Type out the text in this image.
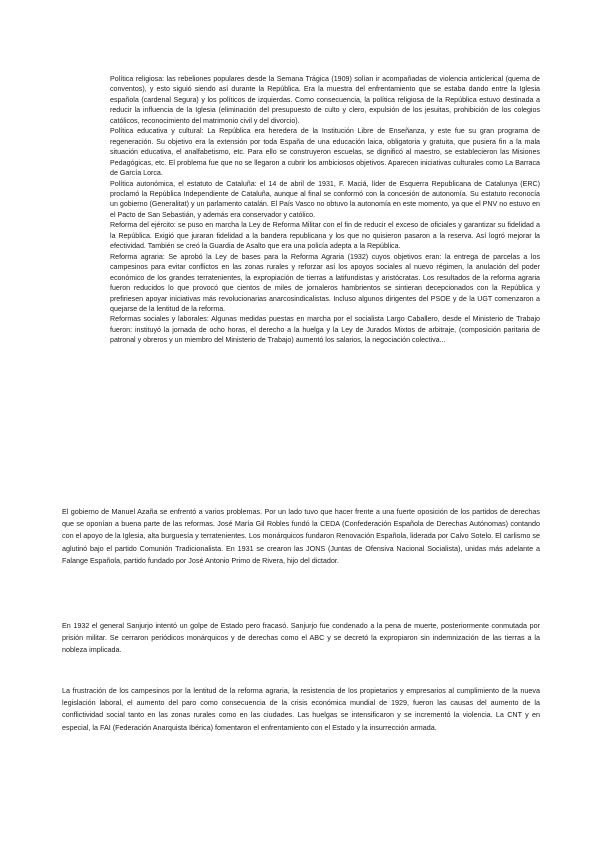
Política religiosa: las rebeliones populares desde la Semana Trágica (1909) solían ir acompañadas de violencia anticlerical (quema de conventos), y esto siguió siendo así durante la República. Era la muestra del enfrentamiento que se estaba dando entre la Iglesia española (cardenal Segura) y los políticos de izquierdas. Como consecuencia, la política religiosa de la República estuvo destinada a reducir la influencia de la Iglesia (eliminación del presupuesto de culto y clero, expulsión de los jesuitas, prohibición de los colegios católicos, reconocimiento del matrimonio civil y del divorcio).

Política educativa y cultural: La República era heredera de la Institución Libre de Enseñanza, y este fue su gran programa de regeneración. Su objetivo era la extensión por toda España de una educación laica, obligatoria y gratuita, que pusiera fin a la mala situación educativa, el analfabetismo, etc. Para ello se construyeron escuelas, se dignificó al maestro, se establecieron las Misiones Pedagógicas, etc. El problema fue que no se llegaron a cubrir los ambiciosos objetivos. Aparecen iniciativas culturales como La Barraca de García Lorca.

Política autonómica, el estatuto de Cataluña: el 14 de abril de 1931, F. Maciá, líder de Esquerra Republicana de Catalunya (ERC) proclamó la República Independiente de Cataluña, aunque al final se conformó con la concesión de autonomía. Su estatuto reconocía un gobierno (Generalitat) y un parlamento catalán. El País Vasco no obtuvo la autonomía en este momento, ya que el PNV no estuvo en el Pacto de San Sebastián, y además era conservador y católico.

Reforma del ejército: se puso en marcha la Ley de Reforma Militar con el fin de reducir el exceso de oficiales y garantizar su fidelidad a la República. Exigió que juraran fidelidad a la bandera republicana y los que no quisieron pasaron a la reserva. Así logró mejorar la efectividad. También se creó la Guardia de Asalto que era una policía adepta a la República.

Reforma agraria: Se aprobó la Ley de bases para la Reforma Agraria (1932) cuyos objetivos eran: la entrega de parcelas a los campesinos para evitar conflictos en las zonas rurales y reforzar así los apoyos sociales al nuevo régimen, la anulación del poder económico de los grandes terratenientes, la expropiación de tierras a latifundistas y aristócratas. Los resultados de la reforma agraria fueron reducidos lo que provocó que cientos de miles de jornaleros hambrientos se sintieran decepcionados con la República y prefiriesen apoyar iniciativas más revolucionarias anarcosindicalistas. Incluso algunos dirigentes del PSOE y de la UGT comenzaron a quejarse de la lentitud de la reforma.

Reformas sociales y laborales: Algunas medidas puestas en marcha por el socialista Largo Caballero, desde el Ministerio de Trabajo fueron: instituyó la jornada de ocho horas, el derecho a la huelga y la Ley de Jurados Mixtos de arbitraje, (composición paritaria de patronal y obreros y un miembro del Ministerio de Trabajo) aumentó los salarios, la negociación colectiva...

El gobierno de Manuel Azaña se enfrentó a varios problemas. Por un lado tuvo que hacer frente a una fuerte oposición de los partidos de derechas que se oponían a buena parte de las reformas. José María Gil Robles fundó la CEDA (Confederación Española de Derechas Autónomas) contando con el apoyo de la Iglesia, alta burguesía y terratenientes. Los monárquicos fundaron Renovación Española, liderada por Calvo Sotelo. El carlismo se aglutinó bajo el partido Comunión Tradicionalista. En 1931 se crearon las JONS (Juntas de Ofensiva Nacional Socialista), unidas más adelante a Falange Española, partido fundado por José Antonio Primo de Rivera, hijo del dictador.

En 1932 el general Sanjurjo intentó un golpe de Estado pero fracasó. Sanjurjo fue condenado a la pena de muerte, posteriormente conmutada por prisión militar. Se cerraron periódicos monárquicos y de derechas como el ABC y se decretó la expropiaron sin indemnización de las tierras a la nobleza implicada.

La frustración de los campesinos por la lentitud de la reforma agraria, la resistencia de los propietarios y empresarios al cumplimiento de la nueva legislación laboral, el aumento del paro como consecuencia de la crisis económica mundial de 1929, fueron las causas del aumento de la conflictividad social tanto en las zonas rurales como en las ciudades. Las huelgas se intensificaron y se incrementó la violencia. La CNT y en especial, la FAI (Federación Anarquista Ibérica) fomentaron el enfrentamiento con el Estado y la insurrección armada.
